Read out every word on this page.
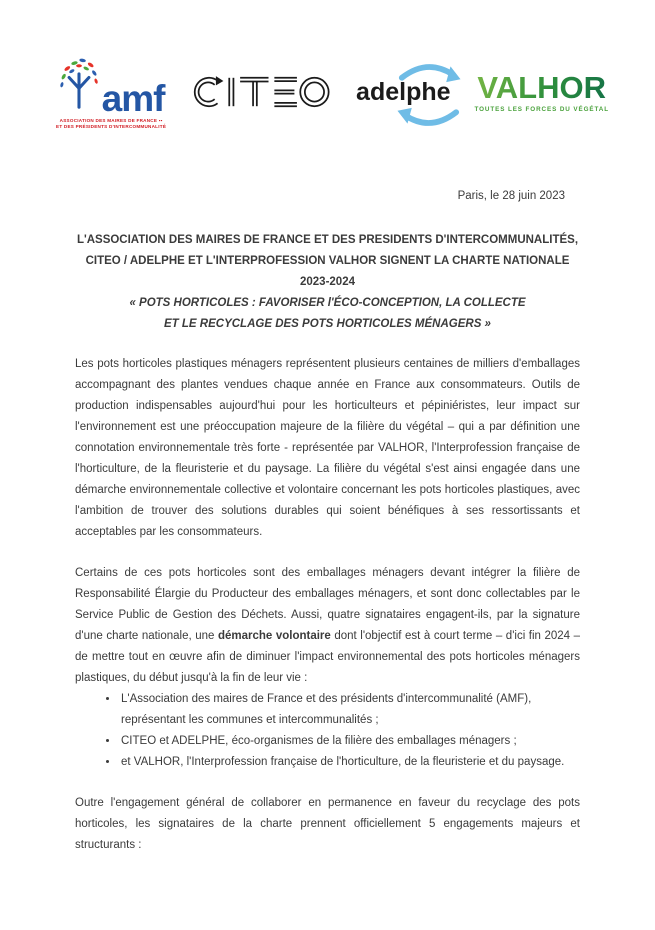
amf
ASSOCIATION DES MAIRES DE FRANCE ▪▪
ET DES PRÉSIDENTS D'INTERCOMMUNALITÉ
adelphe VALHOR
TOUTES LES FORCES DU VÉGÉTAL
Paris, le 28 juin 2023
L'ASSOCIATION DES MAIRES DE FRANCE ET DES PRESIDENTS D'INTERCOMMUNALITÉS,
CITEO / ADELPHE ET L'INTERPROFESSION VALHOR SIGNENT LA CHARTE NATIONALE 2023-2024
« POTS HORTICOLES : FAVORISER l'ÉCO-CONCEPTION, LA COLLECTE
ET LE RECYCLAGE DES POTS HORTICOLES MÉNAGERS »

Les pots horticoles plastiques ménagers représentent plusieurs centaines de milliers d'emballages accompagnant des plantes vendues chaque année en France aux consommateurs. Outils de production indispensables aujourd'hui pour les horticulteurs et pépiniéristes, leur impact sur l'environnement est une préoccupation majeure de la filière du végétal – qui a par définition une connotation environnementale très forte - représentée par VALHOR, l'Interprofession française de l'horticulture, de la fleuristerie et du paysage. La filière du végétal s'est ainsi engagée dans une démarche environnementale collective et volontaire concernant les pots horticoles plastiques, avec l'ambition de trouver des solutions durables qui soient bénéfiques à ses ressortissants et acceptables par les consommateurs.

Certains de ces pots horticoles sont des emballages ménagers devant intégrer la filière de Responsabilité Élargie du Producteur des emballages ménagers, et sont donc collectables par le Service Public de Gestion des Déchets. Aussi, quatre signataires engagent-ils, par la signature d'une charte nationale, une démarche volontaire dont l'objectif est à court terme – d'ici fin 2024 – de mettre tout en œuvre afin de diminuer l'impact environnemental des pots horticoles ménagers plastiques, du début jusqu'à la fin de leur vie :

• L'Association des maires de France et des présidents d'intercommunalité (AMF), représentant les communes et intercommunalités ;
• CITEO et ADELPHE, éco-organismes de la filière des emballages ménagers ;
• et VALHOR, l'Interprofession française de l'horticulture, de la fleuristerie et du paysage.

Outre l'engagement général de collaborer en permanence en faveur du recyclage des pots horticoles, les signataires de la charte prennent officiellement 5 engagements majeurs et structurants :
